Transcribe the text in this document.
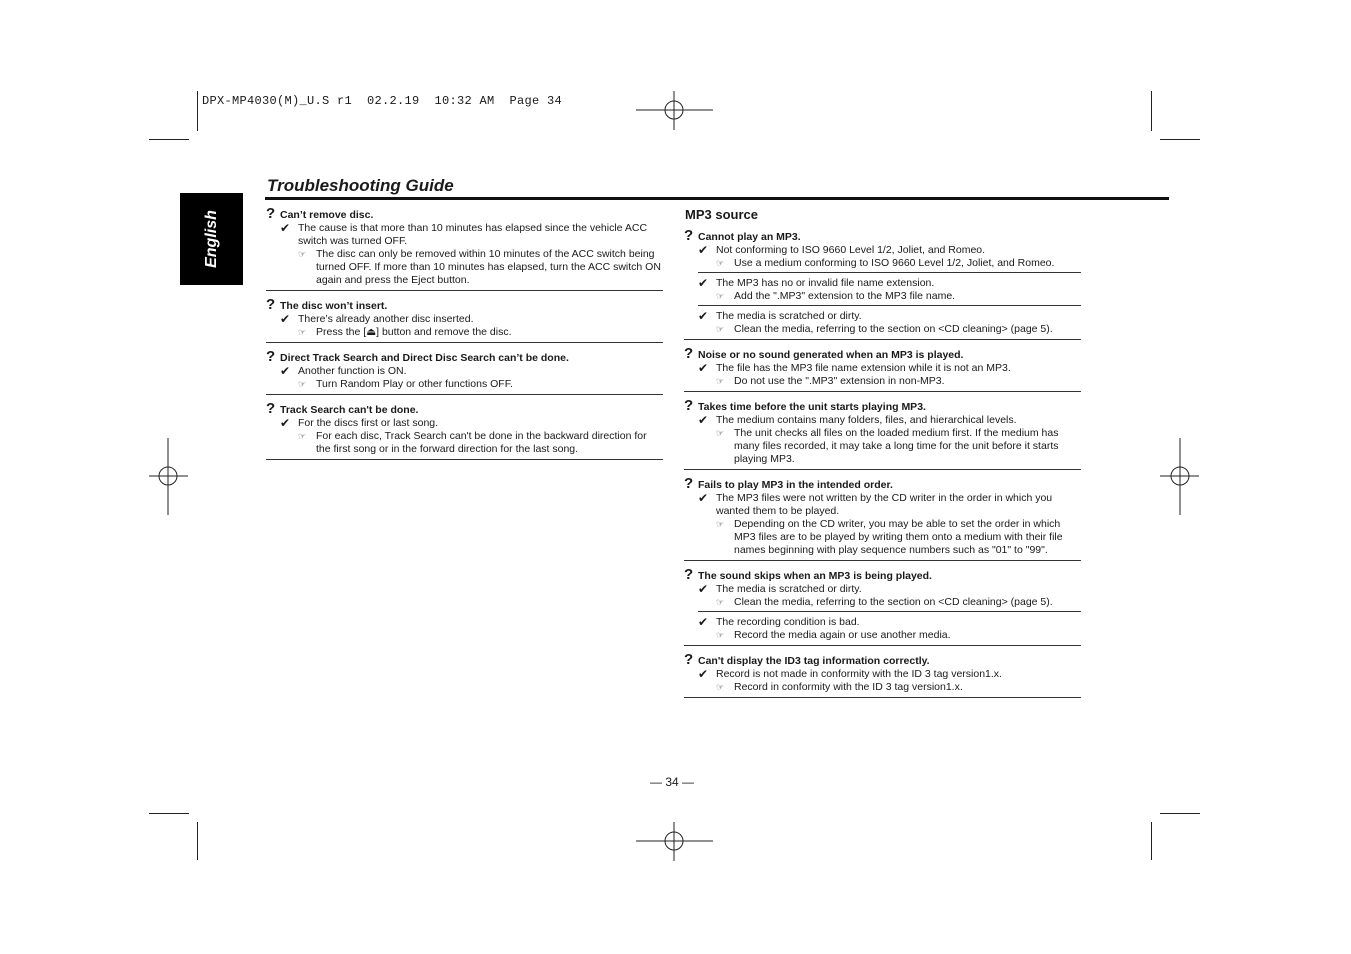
DPX-MP4030(M)_U.S r1  02.2.19  10:32 AM  Page 34
English
Troubleshooting Guide
? Can’t remove disc.
✔ The cause is that more than 10 minutes has elapsed since the vehicle ACC switch was turned OFF.
☞ The disc can only be removed within 10 minutes of the ACC switch being turned OFF. If more than 10 minutes has elapsed, turn the ACC switch ON again and press the Eject button.
? The disc won’t insert.
✔ There’s already another disc inserted.
☞ Press the [⏏] button and remove the disc.
? Direct Track Search and Direct Disc Search can’t be done.
✔ Another function is ON.
☞ Turn Random Play or other functions OFF.
? Track Search can't be done.
✔ For the discs first or last song.
☞ For each disc, Track Search can't be done in the backward direction for the first song or in the forward direction for the last song.
MP3 source
? Cannot play an MP3.
✔ Not conforming to ISO 9660 Level 1/2, Joliet, and Romeo.
☞ Use a medium conforming to ISO 9660 Level 1/2, Joliet, and Romeo.
✔ The MP3 has no or invalid file name extension.
☞ Add the ".MP3" extension to the MP3 file name.
✔ The media is scratched or dirty.
☞ Clean the media, referring to the section on <CD cleaning> (page 5).
? Noise or no sound generated when an MP3 is played.
✔ The file has the MP3 file name extension while it is not an MP3.
☞ Do not use the ".MP3" extension in non-MP3.
? Takes time before the unit starts playing MP3.
✔ The medium contains many folders, files, and hierarchical levels.
☞ The unit checks all files on the loaded medium first. If the medium has many files recorded, it may take a long time for the unit before it starts playing MP3.
? Fails to play MP3 in the intended order.
✔ The MP3 files were not written by the CD writer in the order in which you wanted them to be played.
☞ Depending on the CD writer, you may be able to set the order in which MP3 files are to be played by writing them onto a medium with their file names beginning with play sequence numbers such as "01" to "99".
? The sound skips when an MP3 is being played.
✔ The media is scratched or dirty.
☞ Clean the media, referring to the section on <CD cleaning> (page 5).
✔ The recording condition is bad.
☞ Record the media again or use another media.
? Can't display the ID3 tag information correctly.
✔ Record is not made in conformity with the ID 3 tag version1.x.
☞ Record in conformity with the ID 3 tag version1.x.
— 34 —
